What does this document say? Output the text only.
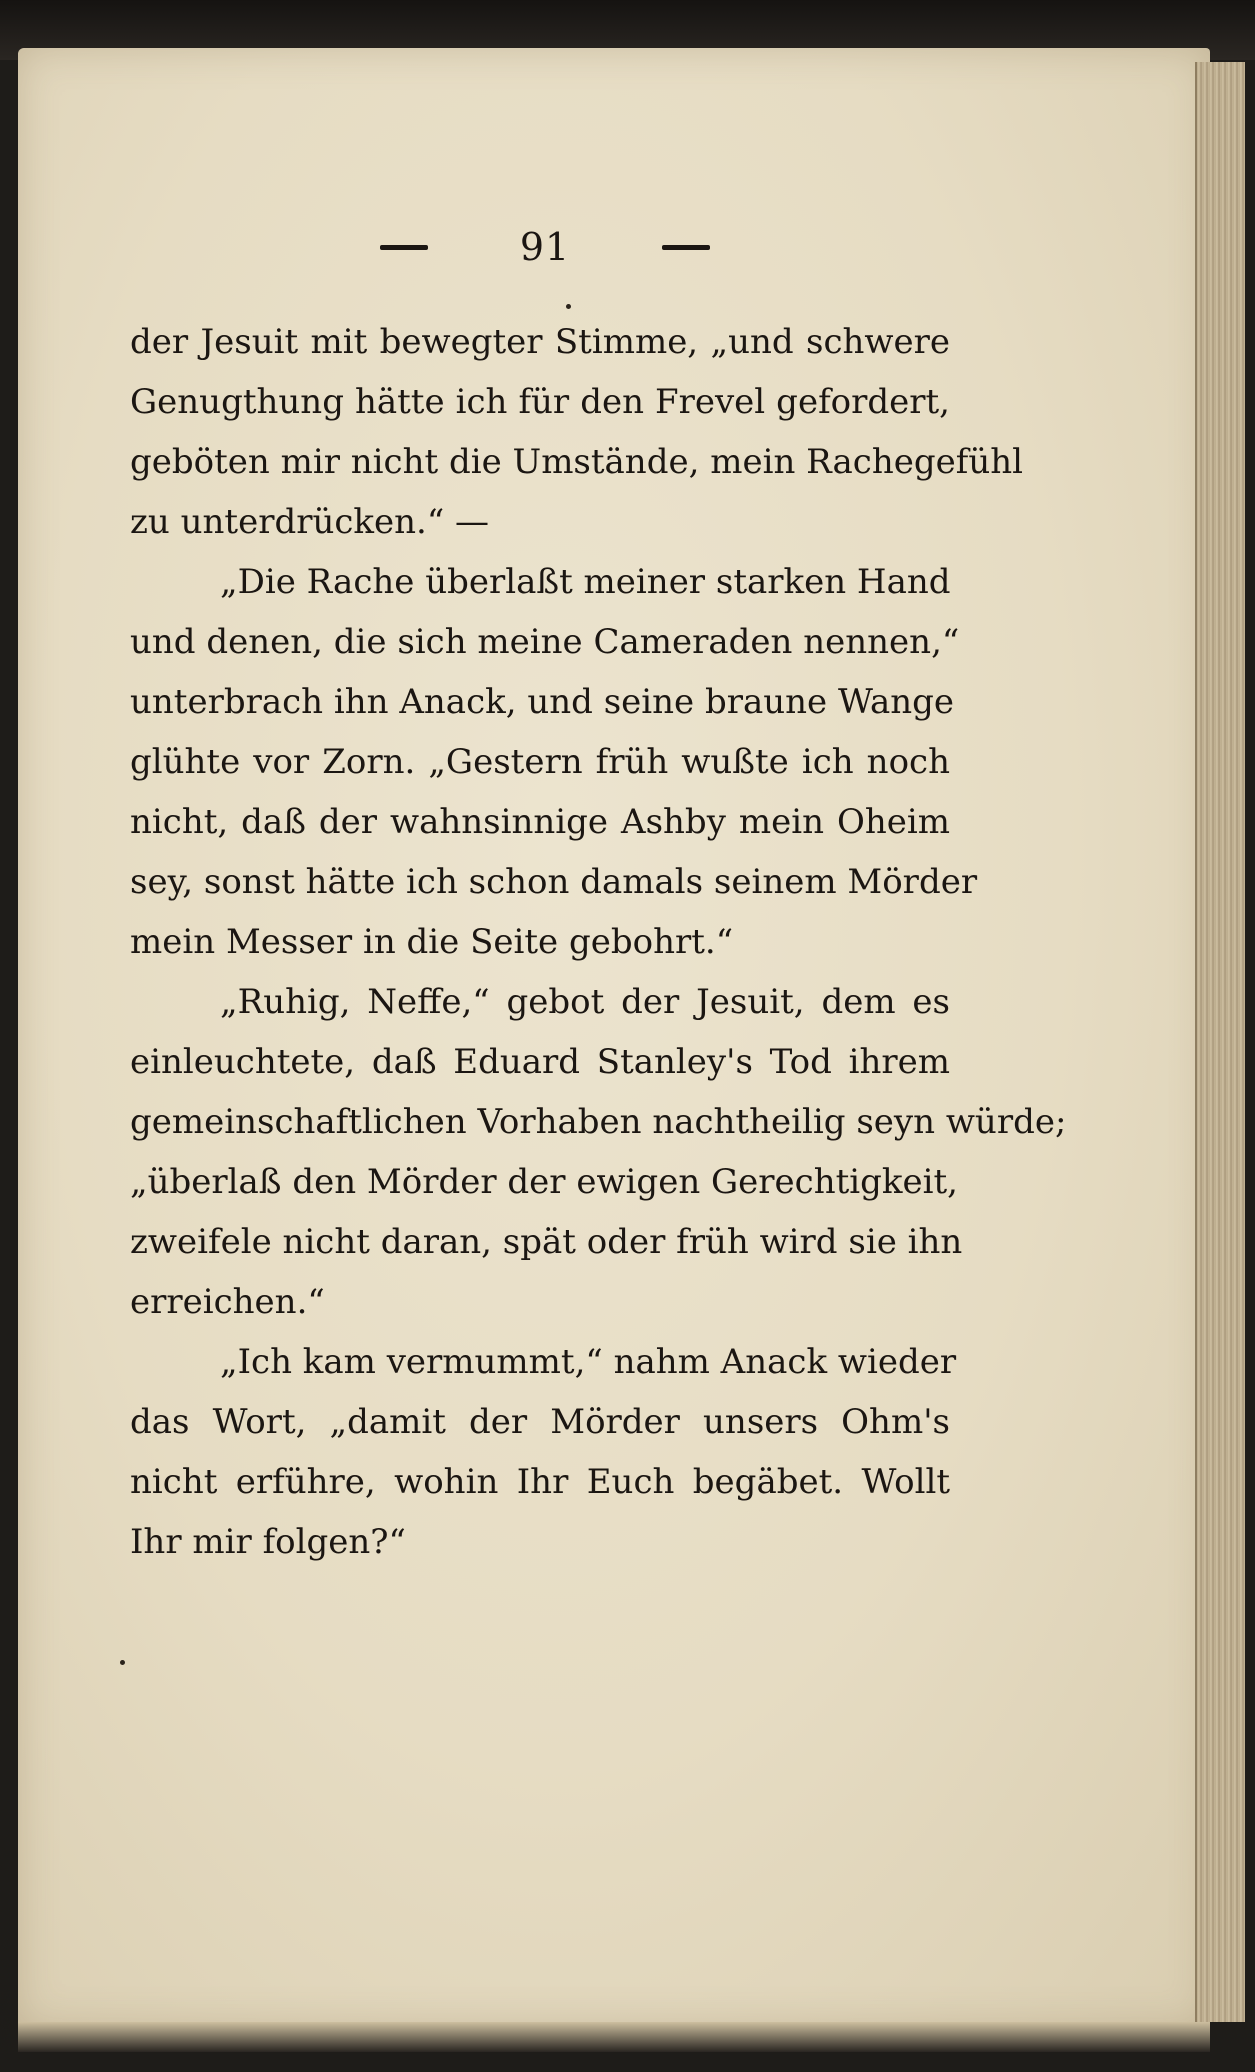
91
der Jesuit mit bewegter Stimme, „und schwere
Genugthung hätte ich für den Frevel gefordert,
geböten mir nicht die Umstände, mein Rachegefühl
zu unterdrücken.“ —
„Die Rache überlaßt meiner starken Hand
und denen, die sich meine Cameraden nennen,“
unterbrach ihn Anack, und seine braune Wange
glühte vor Zorn. „Gestern früh wußte ich noch
nicht, daß der wahnsinnige Ashby mein Oheim
sey, sonst hätte ich schon damals seinem Mörder
mein Messer in die Seite gebohrt.“
„Ruhig, Neffe,“ gebot der Jesuit, dem es
einleuchtete, daß Eduard Stanley's Tod ihrem
gemeinschaftlichen Vorhaben nachtheilig seyn würde;
„überlaß den Mörder der ewigen Gerechtigkeit,
zweifele nicht daran, spät oder früh wird sie ihn
erreichen.“
„Ich kam vermummt,“ nahm Anack wieder
das Wort, „damit der Mörder unsers Ohm's
nicht erführe, wohin Ihr Euch begäbet. Wollt
Ihr mir folgen?“
